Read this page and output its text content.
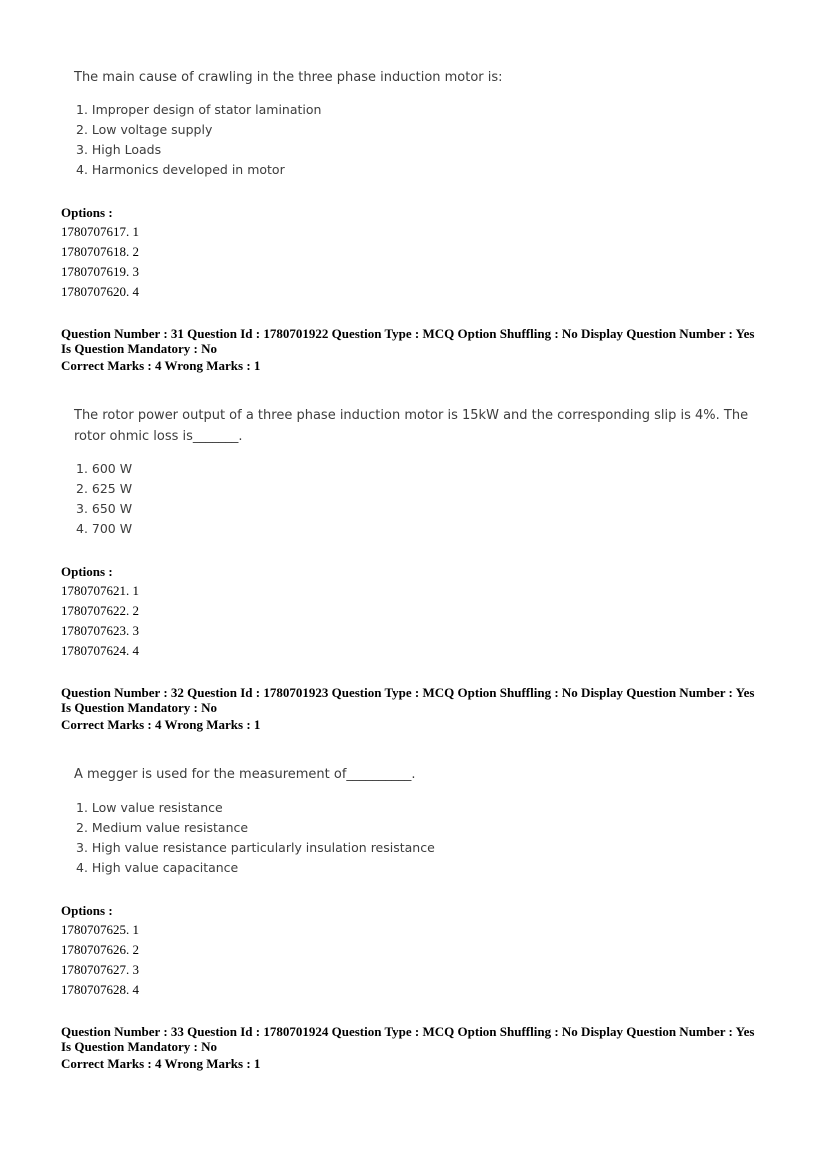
The main cause of crawling in the three phase induction motor is:
1. Improper design of stator lamination
2. Low voltage supply
3. High Loads
4. Harmonics developed in motor
Options :
1780707617. 1
1780707618. 2
1780707619. 3
1780707620. 4
Question Number : 31 Question Id : 1780701922 Question Type : MCQ Option Shuffling : No Display Question Number : Yes
Is Question Mandatory : No
Correct Marks : 4 Wrong Marks : 1
The rotor power output of a three phase induction motor is 15kW and the corresponding slip is 4%. The rotor ohmic loss is_______.
1. 600 W
2. 625 W
3. 650 W
4. 700 W
Options :
1780707621. 1
1780707622. 2
1780707623. 3
1780707624. 4
Question Number : 32 Question Id : 1780701923 Question Type : MCQ Option Shuffling : No Display Question Number : Yes
Is Question Mandatory : No
Correct Marks : 4 Wrong Marks : 1
A megger is used for the measurement of__________.
1. Low value resistance
2. Medium value resistance
3. High value resistance particularly insulation resistance
4. High value capacitance
Options :
1780707625. 1
1780707626. 2
1780707627. 3
1780707628. 4
Question Number : 33 Question Id : 1780701924 Question Type : MCQ Option Shuffling : No Display Question Number : Yes
Is Question Mandatory : No
Correct Marks : 4 Wrong Marks : 1
